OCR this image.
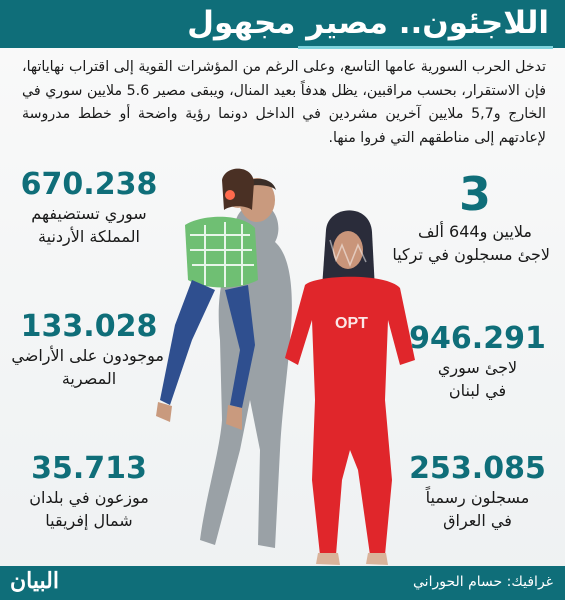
اللاجئون.. مصير مجهول
تدخل الحرب السورية عامها التاسع، وعلى الرغم من المؤشرات القوية إلى اقتراب نهاياتها، فإن الاستقرار، بحسب مراقبين، يظل هدفاً بعيد المنال، ويبقى مصير 5.6 ملايين سوري في الخارج و5,7 ملايين آخرين مشردين في الداخل دونما رؤية واضحة أو خطط مدروسة لإعادتهم إلى مناطقهم التي فروا منها.
OPT
670.238
سوري تستضيفهم
المملكة الأردنية
133.028
موجودون على الأراضي
المصرية
35.713
موزعون في بلدان
شمال إفريقيا
3
ملايين و644 ألف
لاجئ مسجلون في تركيا
946.291
لاجئ سوري
في لبنان
253.085
مسجلون رسمياً
في العراق
غرافيك: حسام الحوراني
البيان
